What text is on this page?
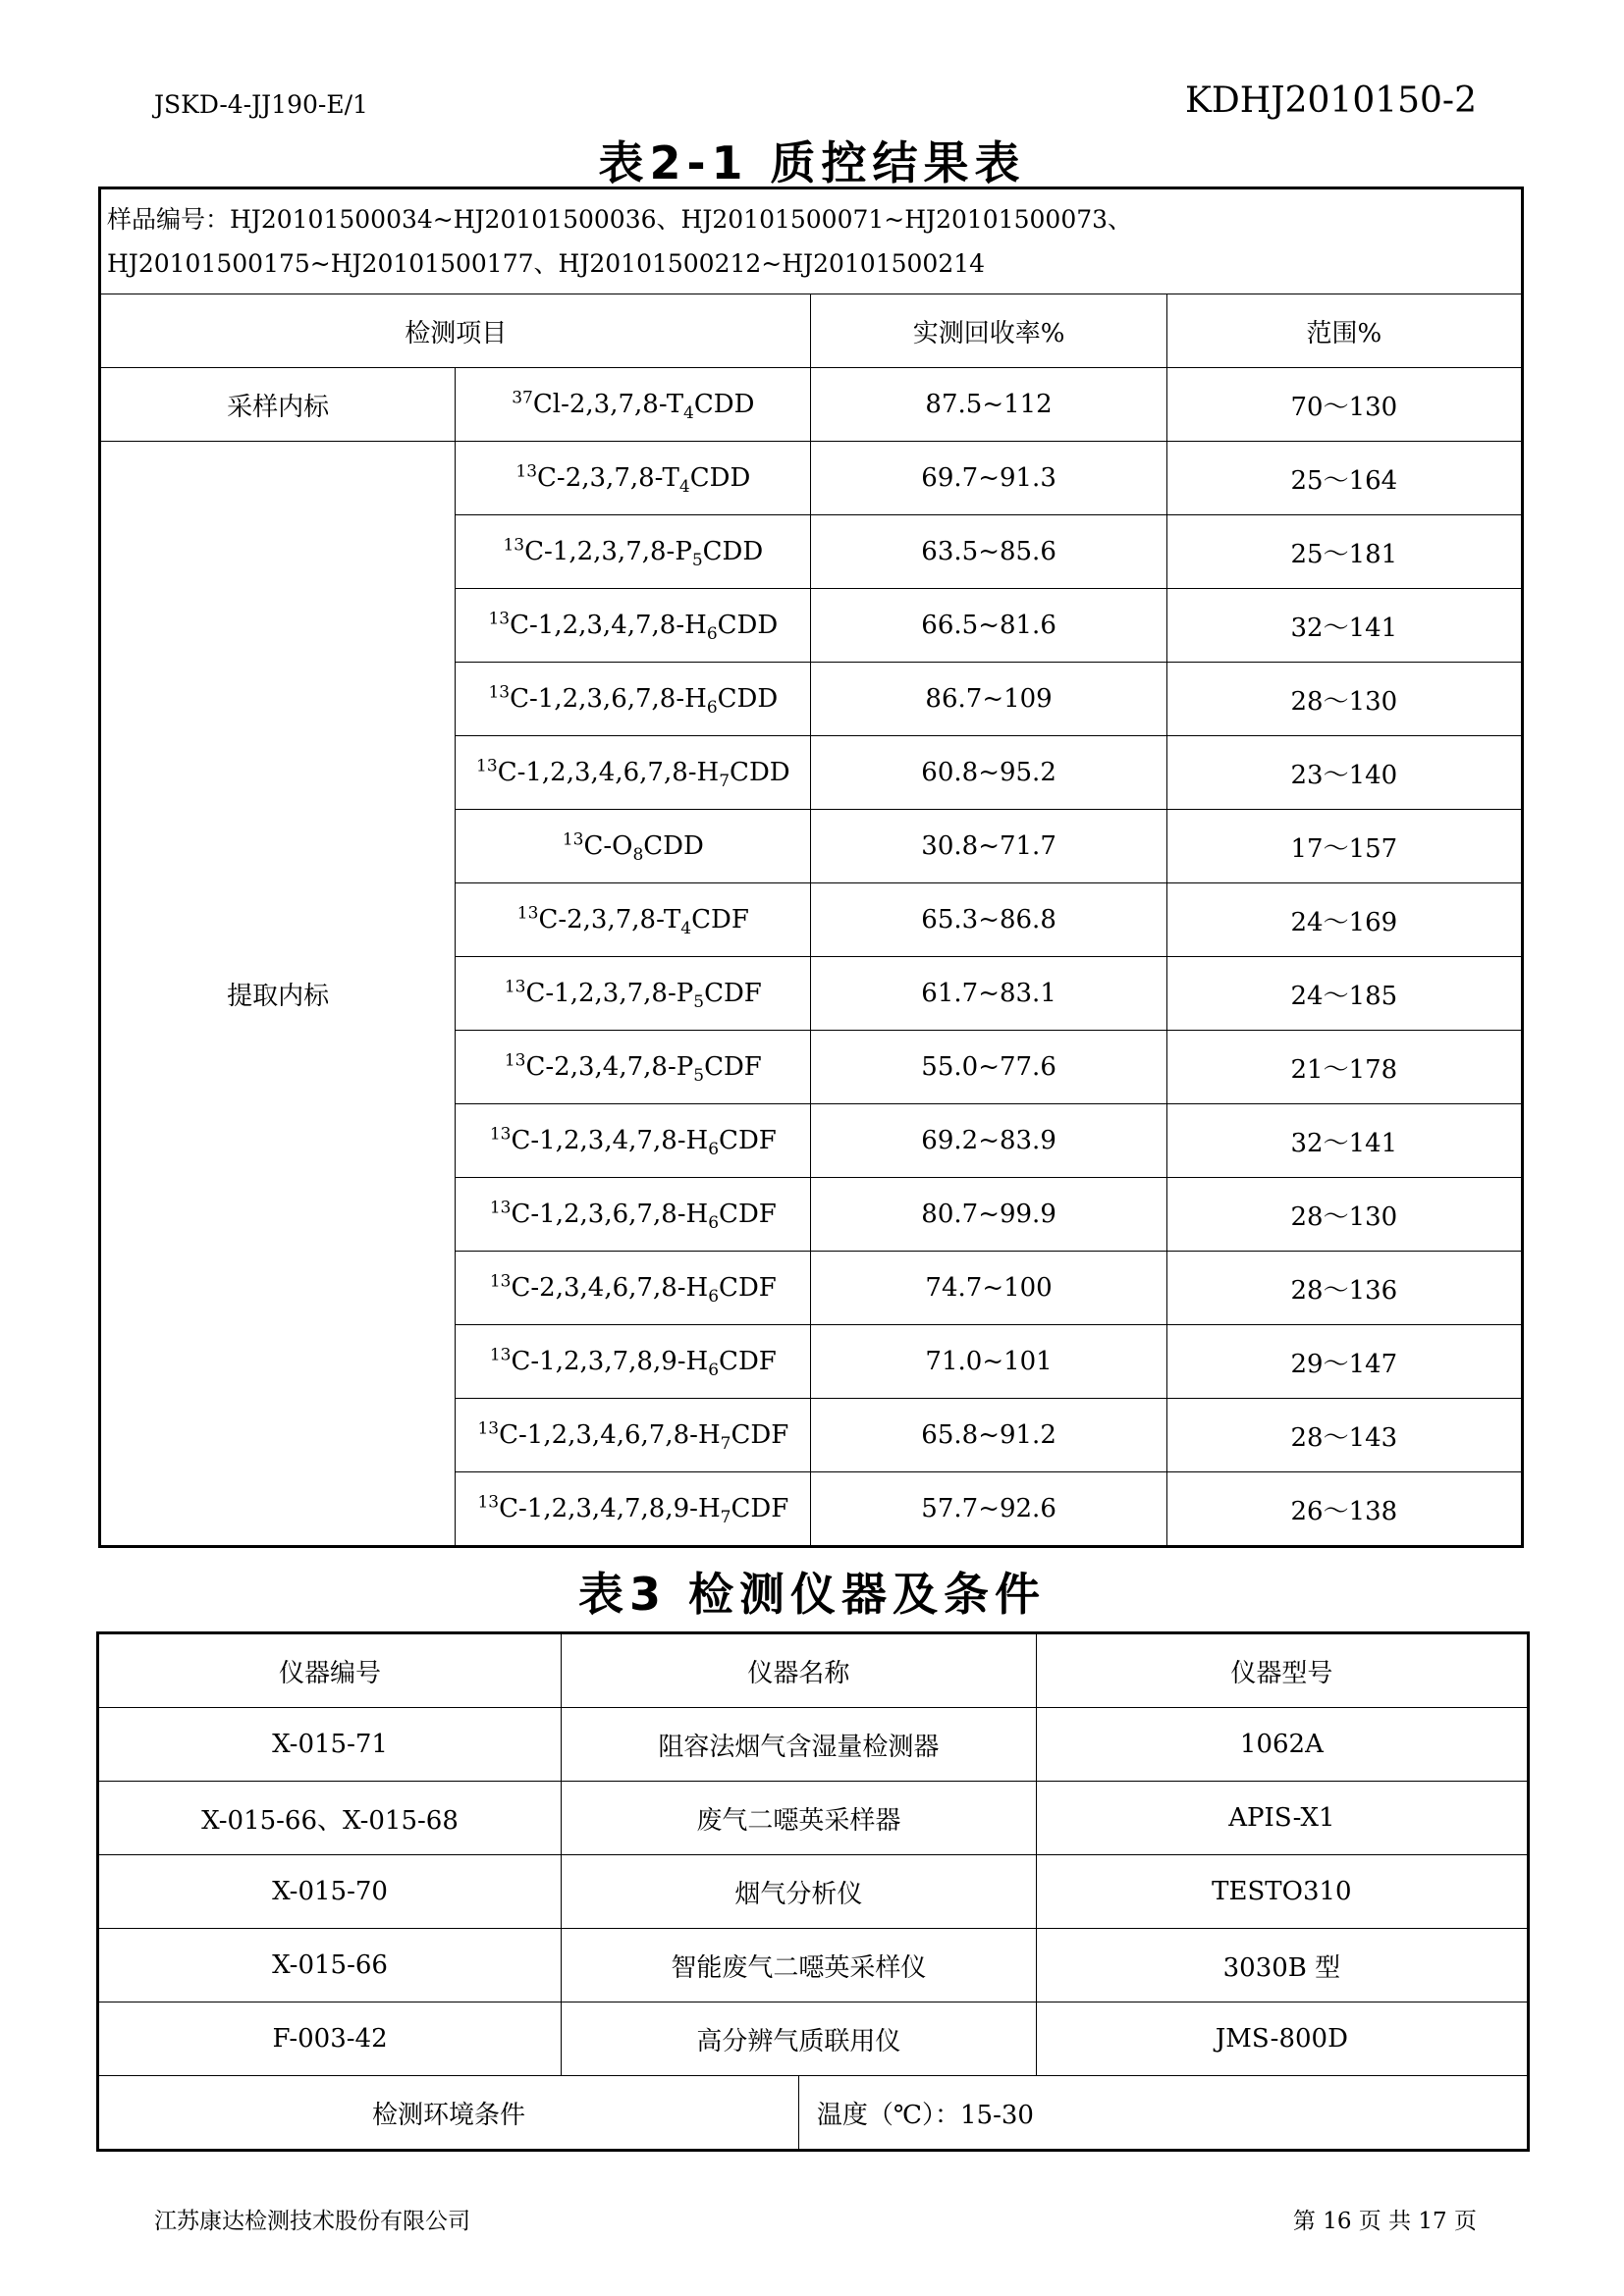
JSKD-4-JJ190-E/1	KDHJ2010150-2
表2-1 质控结果表
样品编号：HJ20101500034~HJ20101500036、HJ20101500071~HJ20101500073、HJ20101500175~HJ20101500177、HJ20101500212~HJ20101500214			
检测项目		实测回收率%	范围%
采样内标	$^{37}Cl-2,3,7,8-T_4CDD$	87.5~112	70～130
提取内标	$^{13}C-2,3,7,8-T_4CDD$	69.7~91.3	25～164
	$^{13}C-1,2,3,7,8-P_5CDD$	63.5~85.6	25～181
	$^{13}C-1,2,3,4,7,8-H_6CDD$	66.5~81.6	32～141
	$^{13}C-1,2,3,6,7,8-H_6CDD$	86.7~109	28～130
	$^{13}C-1,2,3,4,6,7,8-H_7CDD$	60.8~95.2	23～140
	$^{13}C-O_8CDD$	30.8~71.7	17～157
	$^{13}C-2,3,7,8-T_4CDF$	65.3~86.8	24～169
	$^{13}C-1,2,3,7,8-P_5CDF$	61.7~83.1	24～185
	$^{13}C-2,3,4,7,8-P_5CDF$	55.0~77.6	21～178
	$^{13}C-1,2,3,4,7,8-H_6CDF$	69.2~83.9	32～141
	$^{13}C-1,2,3,6,7,8-H_6CDF$	80.7~99.9	28～130
	$^{13}C-2,3,4,6,7,8-H_6CDF$	74.7~100	28～136
	$^{13}C-1,2,3,7,8,9-H_6CDF$	71.0~101	29～147
	$^{13}C-1,2,3,4,6,7,8-H_7CDF$	65.8~91.2	28～143
	$^{13}C-1,2,3,4,7,8,9-H_7CDF$	57.7~92.6	26～138
表3 检测仪器及条件
仪器编号	仪器名称		仪器型号
X-015-71	阻容法烟气含湿量检测器		1062A
X-015-66、X-015-68	废气二噁英采样器		APIS-X1
X-015-70	烟气分析仪		TESTO310
X-015-66	智能废气二噁英采样仪		3030B 型
F-003-42	高分辨气质联用仪		JMS-800D
检测环境条件		温度（℃）：15-30	
江苏康达检测技术股份有限公司	第 16 页 共 17 页
